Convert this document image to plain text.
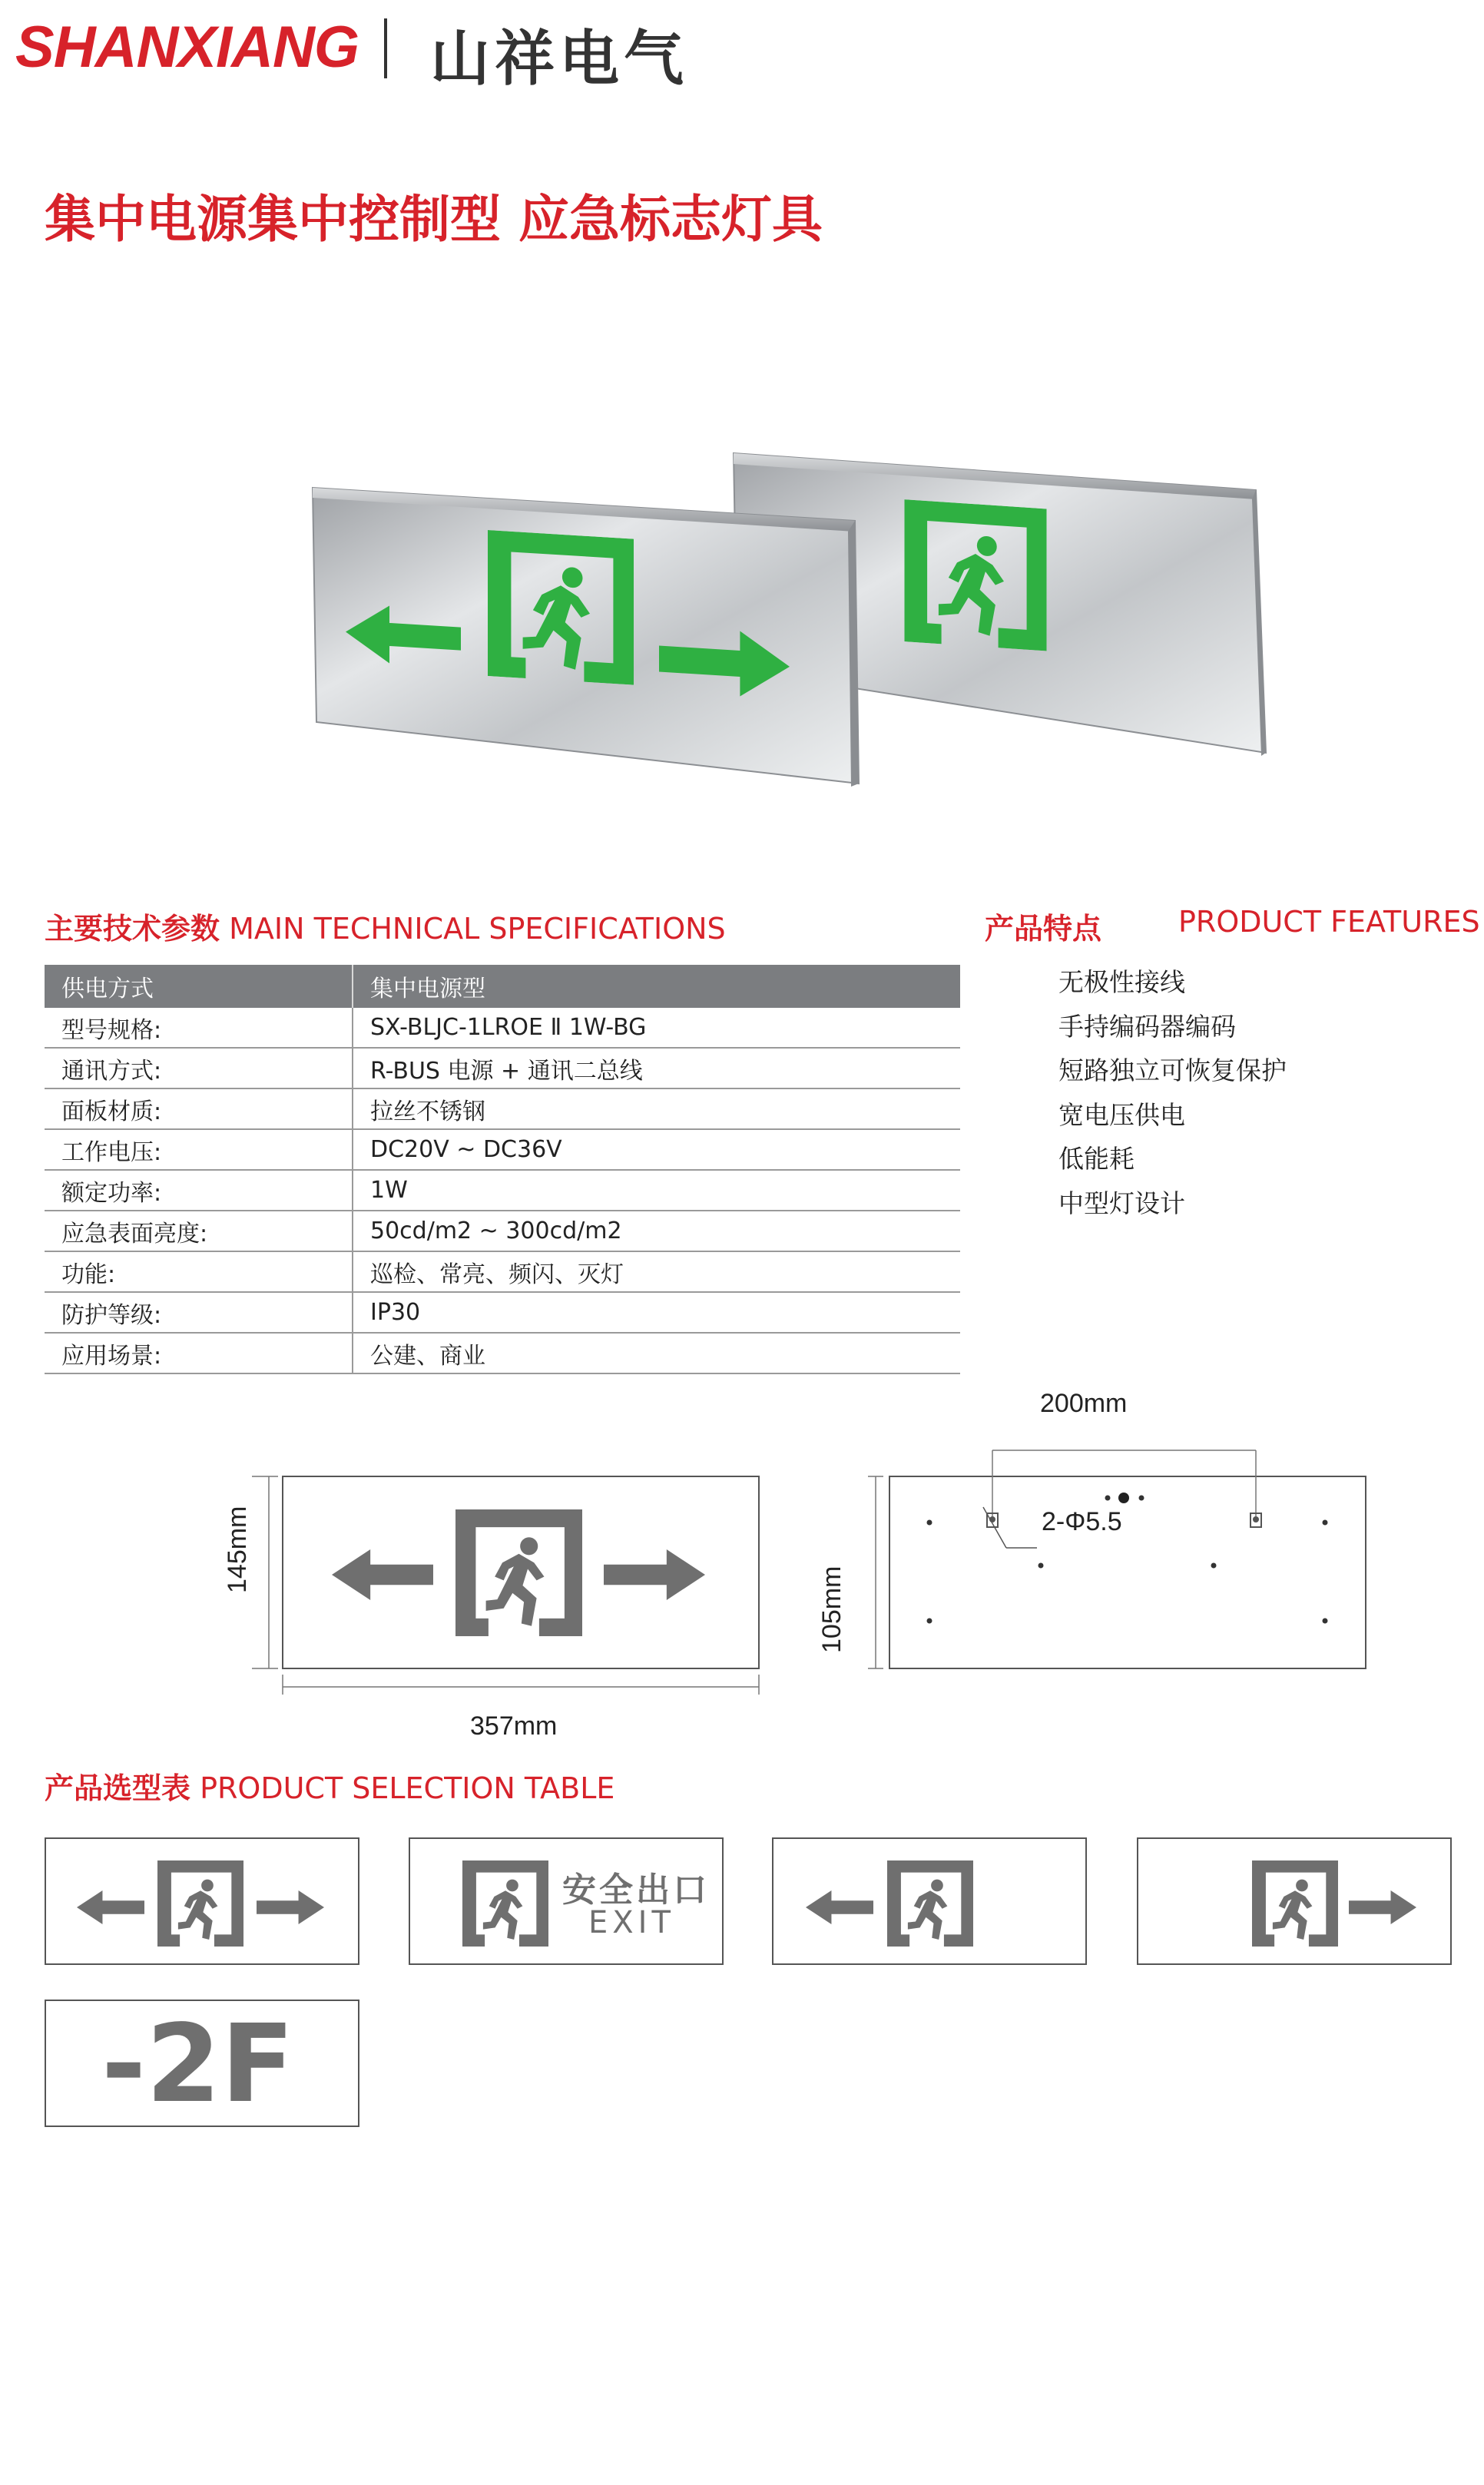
SHANXIANG 山祥电气
集中电源集中控制型 应急标志灯具
主要技术参数 MAIN TECHNICAL SPECIFICATIONS	产品特点	PRODUCT FEATURES
供电方式	集中电源型
型号规格:	SX-BLJC-1LROE Ⅱ 1W-BG
通讯方式:	R-BUS 电源 + 通讯二总线
面板材质:	拉丝不锈钢
工作电压:	DC20V ~ DC36V
额定功率:	1W
应急表面亮度:	50cd/m2 ~ 300cd/m2
功能:	巡检、常亮、频闪、灭灯
防护等级:	IP30
应用场景:	公建、商业
无极性接线
手持编码器编码
短路独立可恢复保护
宽电压供电
低能耗
中型灯设计
145mm
357mm
200mm
2-Φ5.5
105mm
产品选型表 PRODUCT SELECTION TABLE
安全出口
EXIT
-2F
